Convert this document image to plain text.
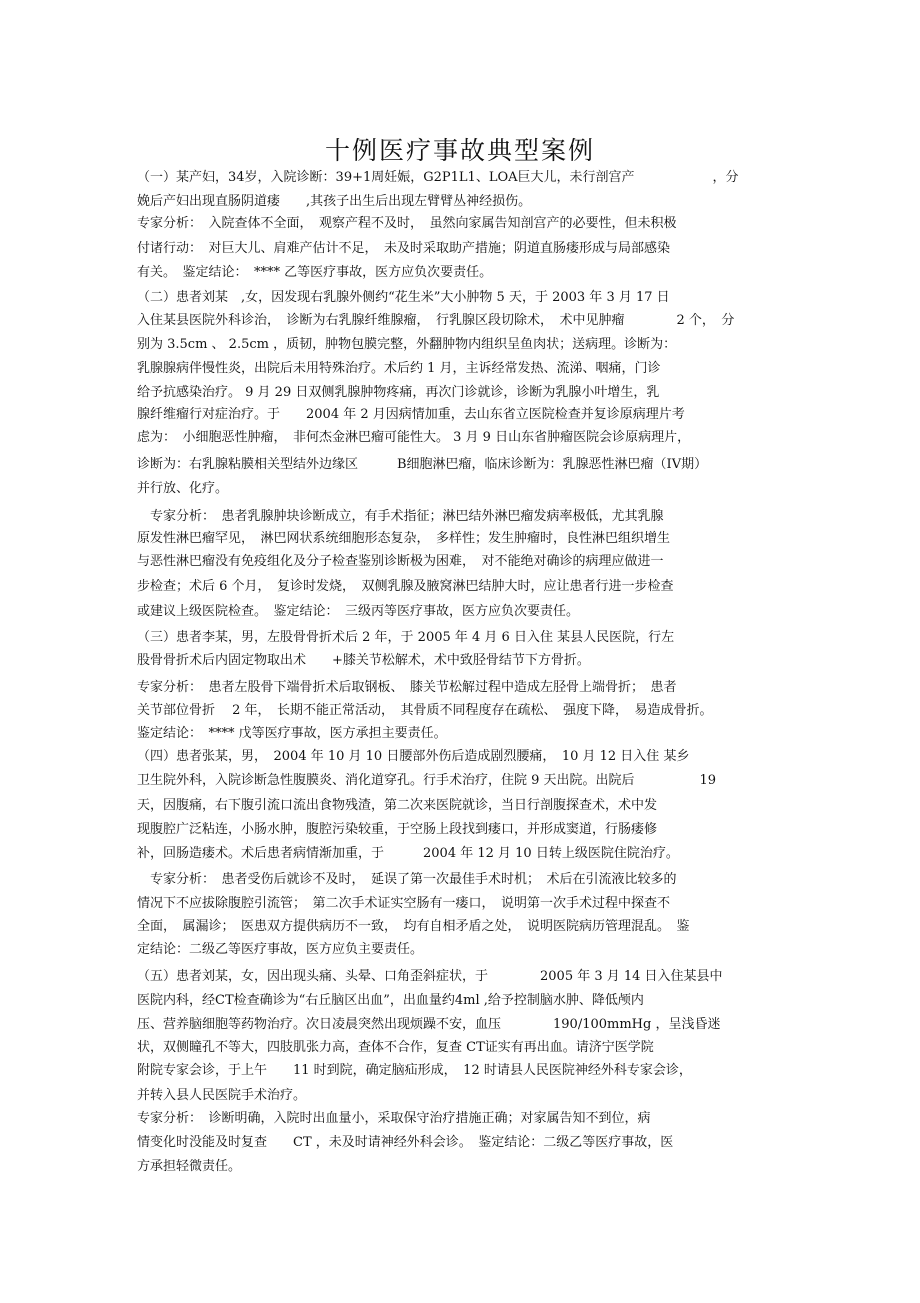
十例医疗事故典型案例
（一）某产妇，34岁，入院诊断：39+1周妊娠，G2P1L1、LOA巨大儿，未行剖宫产　　　　　　，分
娩后产妇出现直肠阴道瘘　　,其孩子出生后出现左臂臂丛神经损伤。
专家分析：　入院查体不全面，　观察产程不及时，　虽然向家属告知剖宫产的必要性，但未积极
付诸行动：　对巨大儿、肩难产估计不足，　未及时采取助产措施；阴道直肠瘘形成与局部感染
有关。　鉴定结论：　**** 乙等医疗事故，医方应负次要责任。
（二）患者刘某　,女，因发现右乳腺外侧约“花生米”大小肿物 5 天，于 2003 年 3 月 17 日
入住某县医院外科诊治，　诊断为右乳腺纤维腺瘤，　行乳腺区段切除术，　术中见肿瘤　　　　2 个，　分
别为 3.5cm 、 2.5cm ，质韧，肿物包膜完整，外翻肿物内组织呈鱼肉状；送病理。诊断为：
乳腺腺病伴慢性炎，出院后未用特殊治疗。术后约 1 月，主诉经常发热、流涕、咽痛，门诊
给予抗感染治疗。 9 月 29 日双侧乳腺肿物疼痛，再次门诊就诊，诊断为乳腺小叶增生，乳
腺纤维瘤行对症治疗。于　　2004 年 2 月因病情加重，去山东省立医院检查并复诊原病理片考
虑为：　小细胞恶性肿瘤，　非何杰金淋巴瘤可能性大。 3 月 9 日山东省肿瘤医院会诊原病理片，
诊断为：右乳腺粘膜相关型结外边缘区　　　B细胞淋巴瘤，临床诊断为：乳腺恶性淋巴瘤（IV期）
并行放、化疗。
　专家分析：　患者乳腺肿块诊断成立，有手术指征；淋巴结外淋巴瘤发病率极低，尤其乳腺
原发性淋巴瘤罕见，　淋巴网状系统细胞形态复杂，　多样性；发生肿瘤时，良性淋巴组织增生
与恶性淋巴瘤没有免疫组化及分子检查鉴别诊断极为困难，　对不能绝对确诊的病理应做进一
步检查；术后 6 个月，　复诊时发烧，　双侧乳腺及腋窝淋巴结肿大时，应让患者行进一步检查
或建议上级医院检查。　鉴定结论：　三级丙等医疗事故，医方应负次要责任。
（三）患者李某，男，左股骨骨折术后 2 年，于 2005 年 4 月 6 日入住 某县人民医院，行左
股骨骨折术后内固定物取出术　　+膝关节松解术，术中致胫骨结节下方骨折。
专家分析：　患者左股骨下端骨折术后取钢板、　膝关节松解过程中造成左胫骨上端骨折；　患者
关节部位骨折　 2 年，　长期不能正常活动，　其骨质不同程度存在疏松、　强度下降，　易造成骨折。
鉴定结论：　**** 戊等医疗事故，医方承担主要责任。
（四）患者张某，男，　2004 年 10 月 10 日腰部外伤后造成剧烈腰痛，　10 月 12 日入住 某乡
卫生院外科，入院诊断急性腹膜炎、消化道穿孔。行手术治疗，住院 9 天出院。出院后　　　　　19
天，因腹痛，右下腹引流口流出食物残渣，第二次来医院就诊，当日行剖腹探查术，术中发
现腹腔广泛粘连，小肠水肿，腹腔污染较重，于空肠上段找到瘘口，并形成窦道，行肠瘘修
补，回肠造瘘术。术后患者病情渐加重，于　　　2004 年 12 月 10 日转上级医院住院治疗。
　专家分析：　患者受伤后就诊不及时，　延误了第一次最佳手术时机；　术后在引流液比较多的
情况下不应拔除腹腔引流管；　第二次手术证实空肠有一瘘口，　说明第一次手术过程中探查不
全面，　属漏诊；　医患双方提供病历不一致，　均有自相矛盾之处，　说明医院病历管理混乱。　鉴
定结论：二级乙等医疗事故，医方应负主要责任。
（五）患者刘某，女，因出现头痛、头晕、口角歪斜症状，于　　　　2005 年 3 月 14 日入住某县中
医院内科，经CT检查确诊为“右丘脑区出血”，出血量约4ml ,给予控制脑水肿、降低颅内
压、营养脑细胞等药物治疗。次日凌晨突然出现烦躁不安，血压　　　　190/100mmHg ，呈浅昏迷
状，双侧瞳孔不等大，四肢肌张力高，查体不合作，复查 CT证实有再出血。请济宁医学院
附院专家会诊，于上午　　11 时到院，确定脑疝形成，　12 时请县人民医院神经外科专家会诊，
并转入县人民医院手术治疗。
专家分析：　诊断明确，入院时出血量小，采取保守治疗措施正确；对家属告知不到位，病
情变化时没能及时复查　　CT ，未及时请神经外科会诊。　鉴定结论：二级乙等医疗事故，医
方承担轻微责任。
